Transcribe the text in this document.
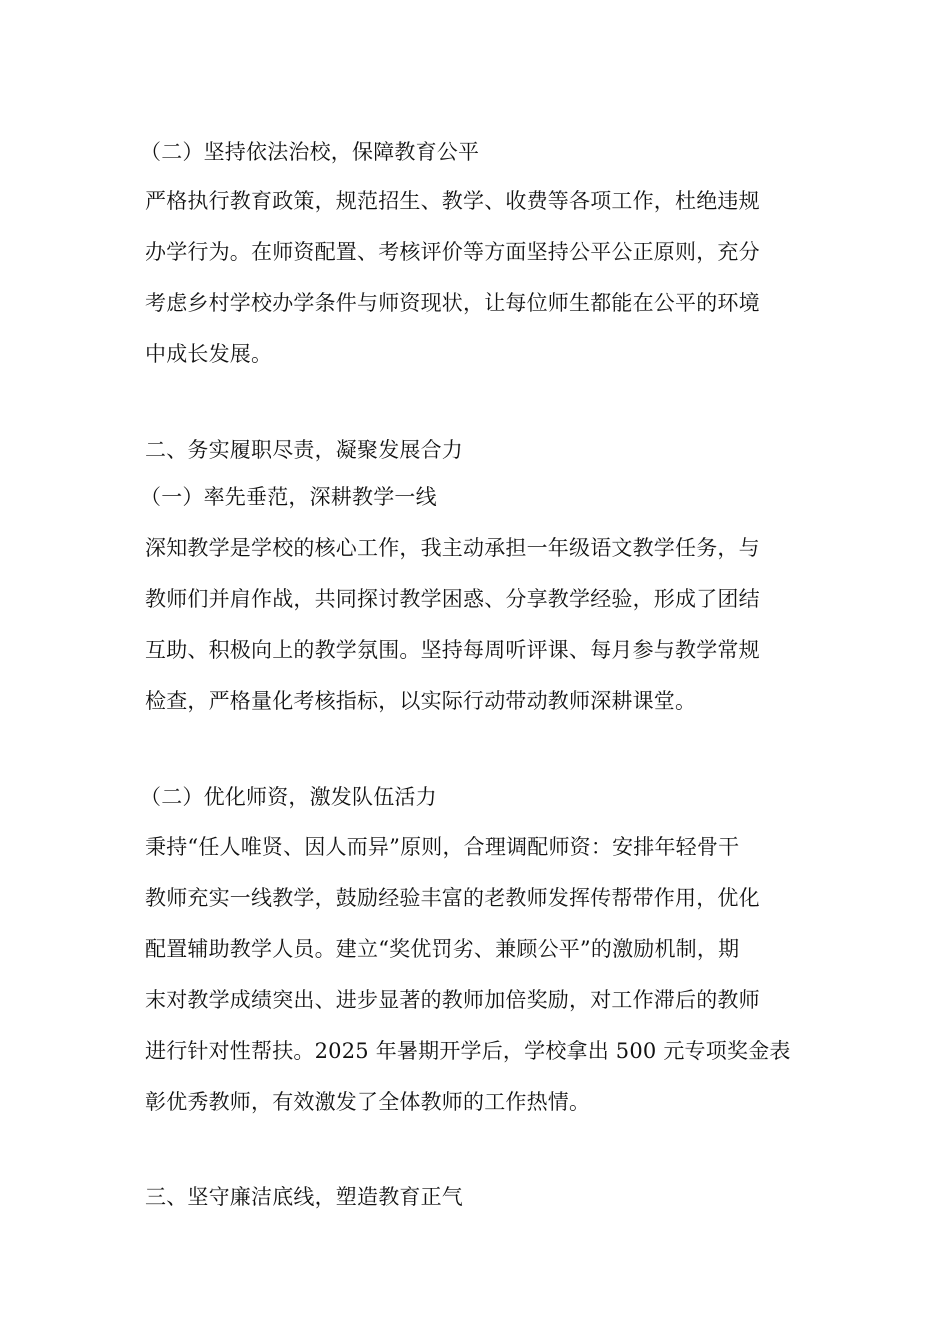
（二）坚持依法治校，保障教育公平
严格执行教育政策，规范招生、教学、收费等各项工作，杜绝违规
办学行为。在师资配置、考核评价等方面坚持公平公正原则，充分
考虑乡村学校办学条件与师资现状，让每位师生都能在公平的环境
中成长发展。
二、务实履职尽责，凝聚发展合力
（一）率先垂范，深耕教学一线
深知教学是学校的核心工作，我主动承担一年级语文教学任务，与
教师们并肩作战，共同探讨教学困惑、分享教学经验，形成了团结
互助、积极向上的教学氛围。坚持每周听评课、每月参与教学常规
检查，严格量化考核指标，以实际行动带动教师深耕课堂。
（二）优化师资，激发队伍活力
秉持“任人唯贤、因人而异”原则，合理调配师资：安排年轻骨干
教师充实一线教学，鼓励经验丰富的老教师发挥传帮带作用，优化
配置辅助教学人员。建立“奖优罚劣、兼顾公平”的激励机制，期
末对教学成绩突出、进步显著的教师加倍奖励，对工作滞后的教师
进行针对性帮扶。2025 年暑期开学后，学校拿出 500 元专项奖金表
彰优秀教师，有效激发了全体教师的工作热情。
三、坚守廉洁底线，塑造教育正气
